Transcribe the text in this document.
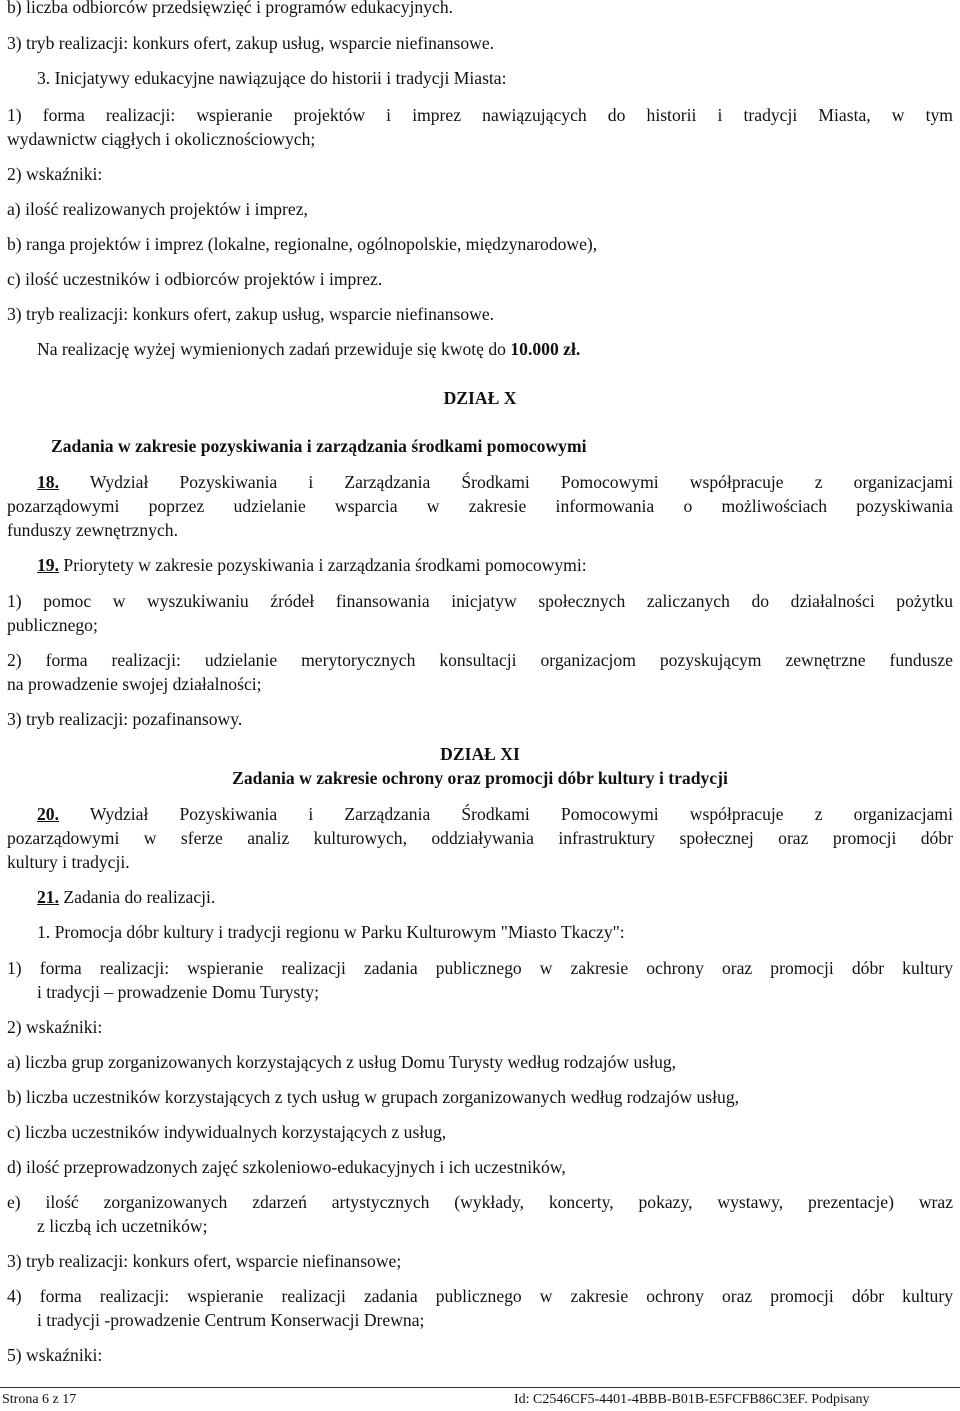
b) liczba odbiorców przedsięwzięć i programów edukacyjnych.
3) tryb realizacji: konkurs ofert, zakup usług, wsparcie niefinansowe.
3. Inicjatywy edukacyjne nawiązujące do historii i tradycji Miasta:
1) forma realizacji: wspieranie projektów i imprez nawiązujących do historii i tradycji Miasta, w tym
wydawnictw ciągłych i okolicznościowych;
2) wskaźniki:
a) ilość realizowanych projektów i imprez,
b) ranga projektów i imprez (lokalne, regionalne, ogólnopolskie, międzynarodowe),
c) ilość uczestników i odbiorców projektów i imprez.
3) tryb realizacji: konkurs ofert, zakup usług, wsparcie niefinansowe.
Na realizację wyżej wymienionych zadań przewiduje się kwotę do 10.000 zł.
DZIAŁ X
Zadania w zakresie pozyskiwania i zarządzania środkami pomocowymi
18. Wydział Pozyskiwania i Zarządzania Środkami Pomocowymi współpracuje z organizacjami
pozarządowymi poprzez udzielanie wsparcia w zakresie informowania o możliwościach pozyskiwania
funduszy zewnętrznych.
19. Priorytety w zakresie pozyskiwania i zarządzania środkami pomocowymi:
1) pomoc w wyszukiwaniu źródeł finansowania inicjatyw społecznych zaliczanych do działalności pożytku
publicznego;
2) forma realizacji: udzielanie merytorycznych konsultacji organizacjom pozyskującym zewnętrzne fundusze
na prowadzenie swojej działalności;
3) tryb realizacji: pozafinansowy.
DZIAŁ XI
Zadania w zakresie ochrony oraz promocji dóbr kultury i tradycji
20. Wydział Pozyskiwania i Zarządzania Środkami Pomocowymi współpracuje z organizacjami
pozarządowymi w sferze analiz kulturowych, oddziaływania infrastruktury społecznej oraz promocji dóbr
kultury i tradycji.
21. Zadania do realizacji.
1. Promocja dóbr kultury i tradycji regionu w Parku Kulturowym "Miasto Tkaczy":
1) forma realizacji: wspieranie realizacji zadania publicznego w zakresie ochrony oraz promocji dóbr kultury
i tradycji – prowadzenie Domu Turysty;
2) wskaźniki:
a) liczba grup zorganizowanych korzystających z usług Domu Turysty według rodzajów usług,
b) liczba uczestników korzystających z tych usług w grupach zorganizowanych według rodzajów usług,
c) liczba uczestników indywidualnych korzystających z usług,
d) ilość przeprowadzonych zajęć szkoleniowo-edukacyjnych i ich uczestników,
e) ilość zorganizowanych zdarzeń artystycznych (wykłady, koncerty, pokazy, wystawy, prezentacje) wraz
z liczbą ich uczetników;
3) tryb realizacji: konkurs ofert, wsparcie niefinansowe;
4) forma realizacji: wspieranie realizacji zadania publicznego w zakresie ochrony oraz promocji dóbr kultury
i tradycji -prowadzenie Centrum Konserwacji Drewna;
5) wskaźniki:
Strona 6 z 17	Id: C2546CF5-4401-4BBB-B01B-E5FCFB86C3EF. Podpisany
